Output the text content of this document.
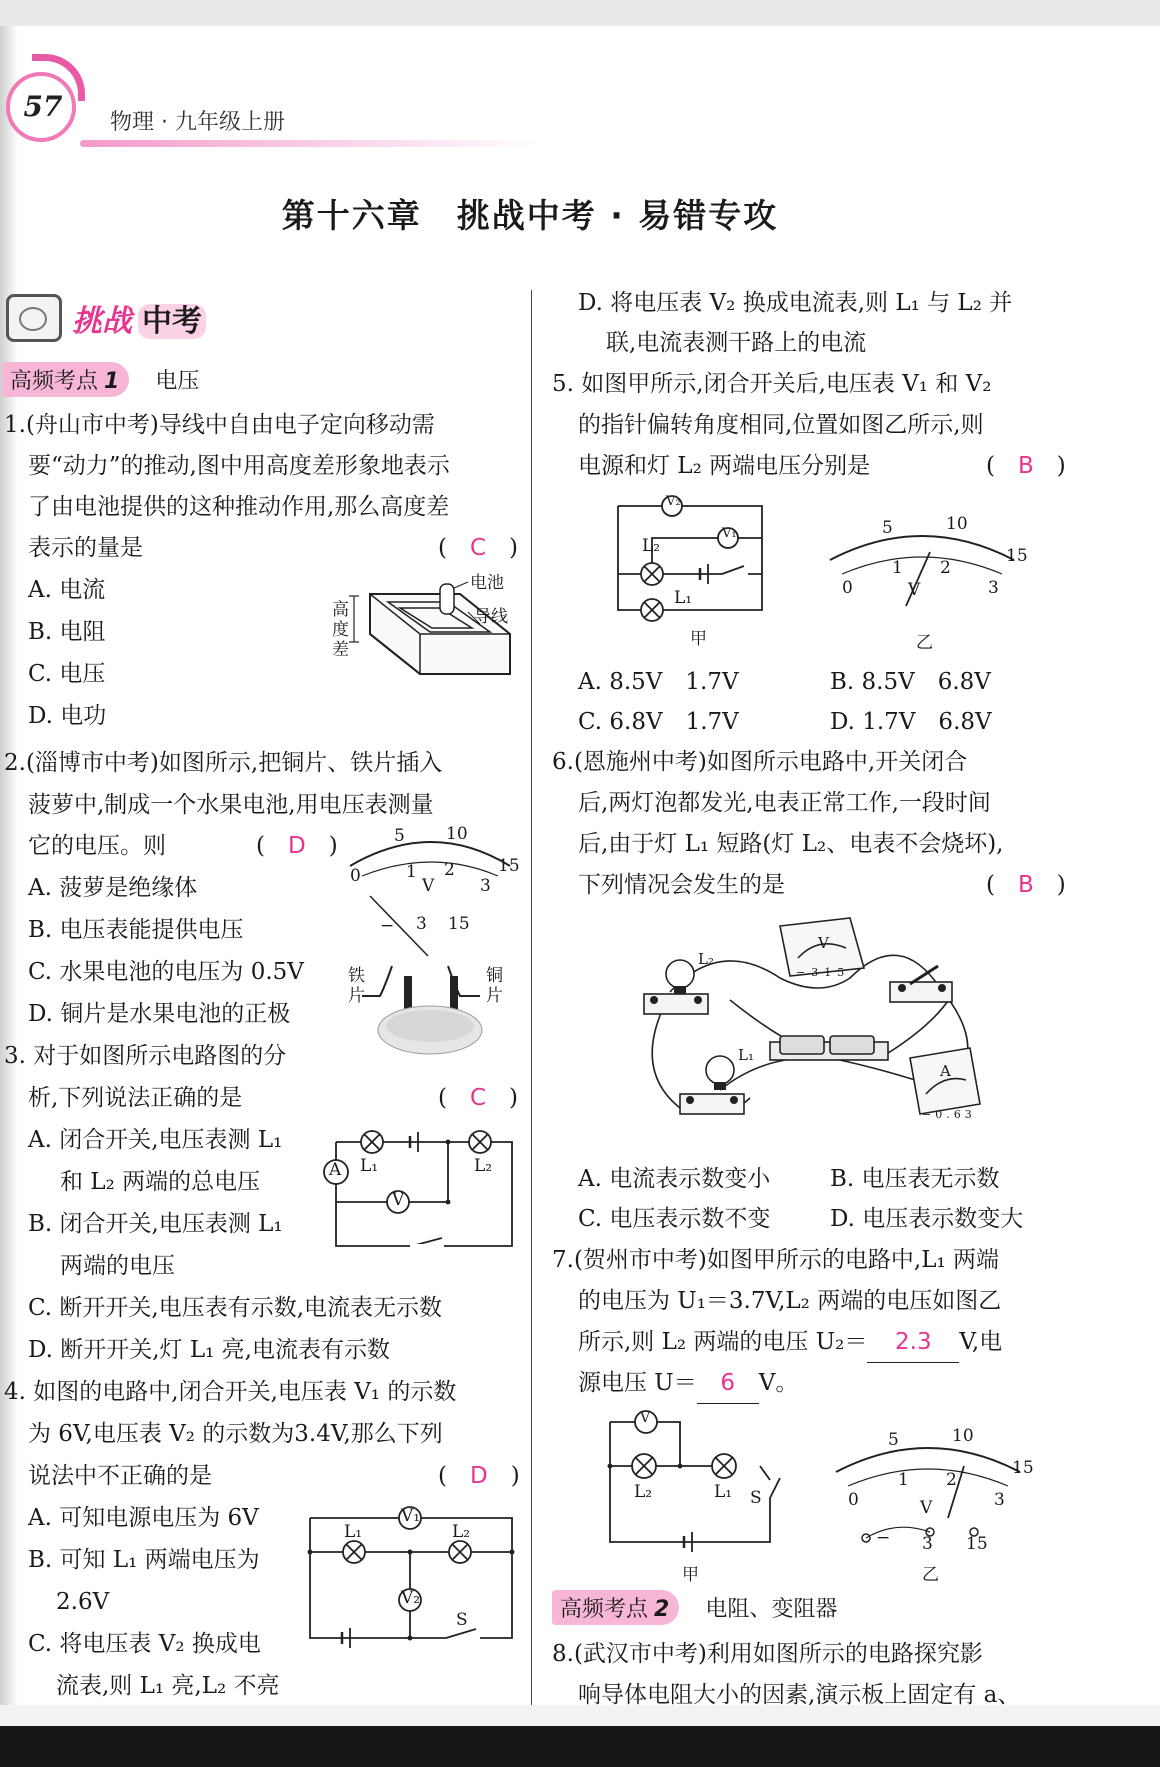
57	物理 · 九年级上册
第十六章　挑战中考 · 易错专攻
挑战 中考
高频考点 1 电压
1.(舟山市中考)导线中自由电子定向移动需
要“动力”的推动,图中用高度差形象地表示
了由电池提供的这种推动作用,那么高度差
表示的量是	(　C　)
A. 电流
B. 电阻
C. 电压
D. 电功
电池
导线
高度差
2.(淄博市中考)如图所示,把铜片、铁片插入
菠萝中,制成一个水果电池,用电压表测量
它的电压。则	(　D　)
A. 菠萝是绝缘体
B. 电压表能提供电压
C. 水果电池的电压为 0.5V
D. 铜片是水果电池的正极
5 10
15
0	1 2
3
V
− 3 15
铁片
铜片
3. 对于如图所示电路图的分
析,下列说法正确的是	(　C　)
A. 闭合开关,电压表测 L₁
和 L₂ 两端的总电压
B. 闭合开关,电压表测 L₁
两端的电压
C. 断开开关,电压表有示数,电流表无示数
D. 断开开关,灯 L₁ 亮,电流表有示数
A L₁	L₂
V
4. 如图的电路中,闭合开关,电压表 V₁ 的示数
为 6V,电压表 V₂ 的示数为3.4V,那么下列
说法中不正确的是	(　D　)
A. 可知电源电压为 6V
B. 可知 L₁ 两端电压为
2.6V
C. 将电压表 V₂ 换成电
流表,则 L₁ 亮,L₂ 不亮
V₁
L₁	L₂
V₂
S
D. 将电压表 V₂ 换成电流表,则 L₁ 与 L₂ 并
联,电流表测干路上的电流
5. 如图甲所示,闭合开关后,电压表 V₁ 和 V₂
的指针偏转角度相同,位置如图乙所示,则
电源和灯 L₂ 两端电压分别是	(　B　)
V₂
V₁
L₂
L₁
甲
5	10
15
0
1 2
3
V
乙
A. 8.5V　1.7V	B. 8.5V　6.8V
C. 6.8V　1.7V	D. 1.7V　6.8V
6.(恩施州中考)如图所示电路中,开关闭合
后,两灯泡都发光,电表正常工作,一段时间
后,由于灯 L₁ 短路(灯 L₂、电表不会烧坏),
下列情况会发生的是	(　B　)
L₂
L₁
V
A
−315
−0.63
A. 电流表示数变小	B. 电压表无示数
C. 电压表示数不变	D. 电压表示数变大
7.(贺州市中考)如图甲所示的电路中,L₁ 两端
的电压为 U₁＝3.7V,L₂ 两端的电压如图乙
所示,则 L₂ 两端的电压 U₂＝ 2.3 V,电
源电压 U＝ 6 V。
V
L₂	L₁ S
甲
5	10
15
0
1 2
3
V
− 3 15
乙
高频考点 2 电阻、变阻器
8.(武汉市中考)利用如图所示的电路探究影
响导体电阻大小的因素,演示板上固定有 a、
